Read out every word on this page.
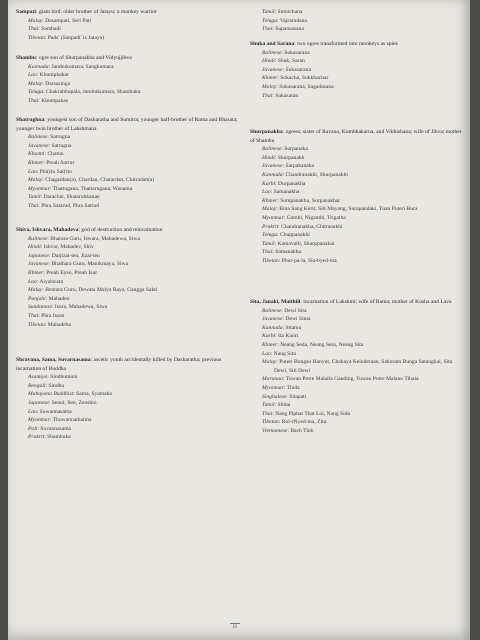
Sampati: giant bird, older brother of Jatayu; a monkey warrior
Malay: Dasampati, Seri Pati
Thai: Sambadi
Tibetan: Pads' (Sanpadi' is Jatayu)
Shambu: ogre son of Shurpanakha and Vidyujjihva
Kannada: Jambukumara, Sangkumara
Lao: Khumphakar
Malay: Darsasinga
Telugu: Chakrabhupala, Jambukumara, Shambuka
Thai: Khumpakas
Shatrughna: youngest son of Dasharatha and Sumitra; younger half-brother of Rama and Bharata; younger twin brother of Lakshmana
Balinese: Satrugna
Javanese: Satrugna
Khamti: Chatuu
Khmer: Preah Sutrut
Lao: Phi(t)u Sat(t)u
Malay: Chagardan(a), Chardan, Chatardan, Chitradan(a)
Myanmar: Thattugana, Thattarugana, Wanama
Tamil: Darachai, Shatarukkanan
Thai: Phra Satarud, Phra Satrud
Shiva, Ishvara, Mahadeva: god of destruction and reincarnation
Balinese: Bharara Guru, Iswara, Mahadewa, Siwa
Hindi: Ishvar, Mahadev, Shiv
Japanese: Daijizai-ten, Jizai-ten
Javanese: Bhathara Guru, Manikmaya, Siwa
Khmer: Preah Eyso, Preah Isur
Lao: Aiyahsuan
Malay: Bentara Guru, Dewata Mulya Raya, Gangga Sakti
Punjabi: Mahadeo
Sundanese: Isora, Mahadewa, Siwa
Thai: Phra Issan
Tibetan: Mahadeba
Shravana, Sama, Suvarnasama: ascetic youth accidentally killed by Dasharatha; previous incarnation of Buddha
Asamiya: Sindhumuni
Bengali: Sindhu
Mahayana Buddhist: Sama, Syamaka
Japanese: Senni, Sen, Zenshin
Lao: Suwannasama
Myanmar: Thuwannathaima
Pali: Suvannasama
Prakrit: Shambuka
Tamil: Sumichana
Telugu: Vajrarudana
Thai: Supansasana
Shuka and Sarana: two ogres transformed into monkeys as spies
Balinese: Sukasarana
Hindi: Shuk, Saran
Javanese: Sukasarana
Khmer: Sokacha, Sukkhachar
Malay: Sukasarana, Sagadasana
Thai: Sukasaran
Shurpanakha: ogress; sister of Ravana, Kumbhakarna, and Vibhishana; wife of Jihva; mother of Shambu
Balinese: Surpanaka
Hindi: Shurpanakh
Javanese: Sarpakanaka
Kannada: Chandranakhi, Shurpanakhi
Karbi: Durpanakha
Lao: Samanakha
Khmer: Sumpanakha, Surpanakhar
Malay: Bota Sang Kerit, Siti Mayang, Surapandaki, Tuan Puteri Bura
Myanmar: Gambi, Nigambi, Trigatha
Prakrit: Chandranakha, Chitranakhi
Telugu: Chuppanakhi
Tamil: Kamavalli, Shurppanakai
Thai: Samanakha
Tibetan: Phur-pa-la, Sla-byed-ma
Sita, Janaki, Maithili: incarnation of Lakshmi; wife of Rama; mother of Kusha and Lava
Balinese: Dewi Sita
Javanese: Dewi Sinta
Kannada: Sitamu
Karbi: Ita Kunri
Khmer: Neang Seda, Neang Sera, Neang Sita
Lao: Nang Sita
Malay: Puteri Bungsu Hanyut, Chahaya Keinderaan, Sakuram Bunga Satangkai, Sita Dewi, Siti Dewi
Maranao: Tuwan Potre Malaila Ganding, Tuwan Potre Malano Tihaia
Myanmar: Thida
Singhalese: Sitapati
Tamil: Shitai
Thai: Nang Piphat That Loi, Nang Sida
Tibetan: Rol-rNyed-ma, Zita
Vietnamese: Bach Tinh
19
